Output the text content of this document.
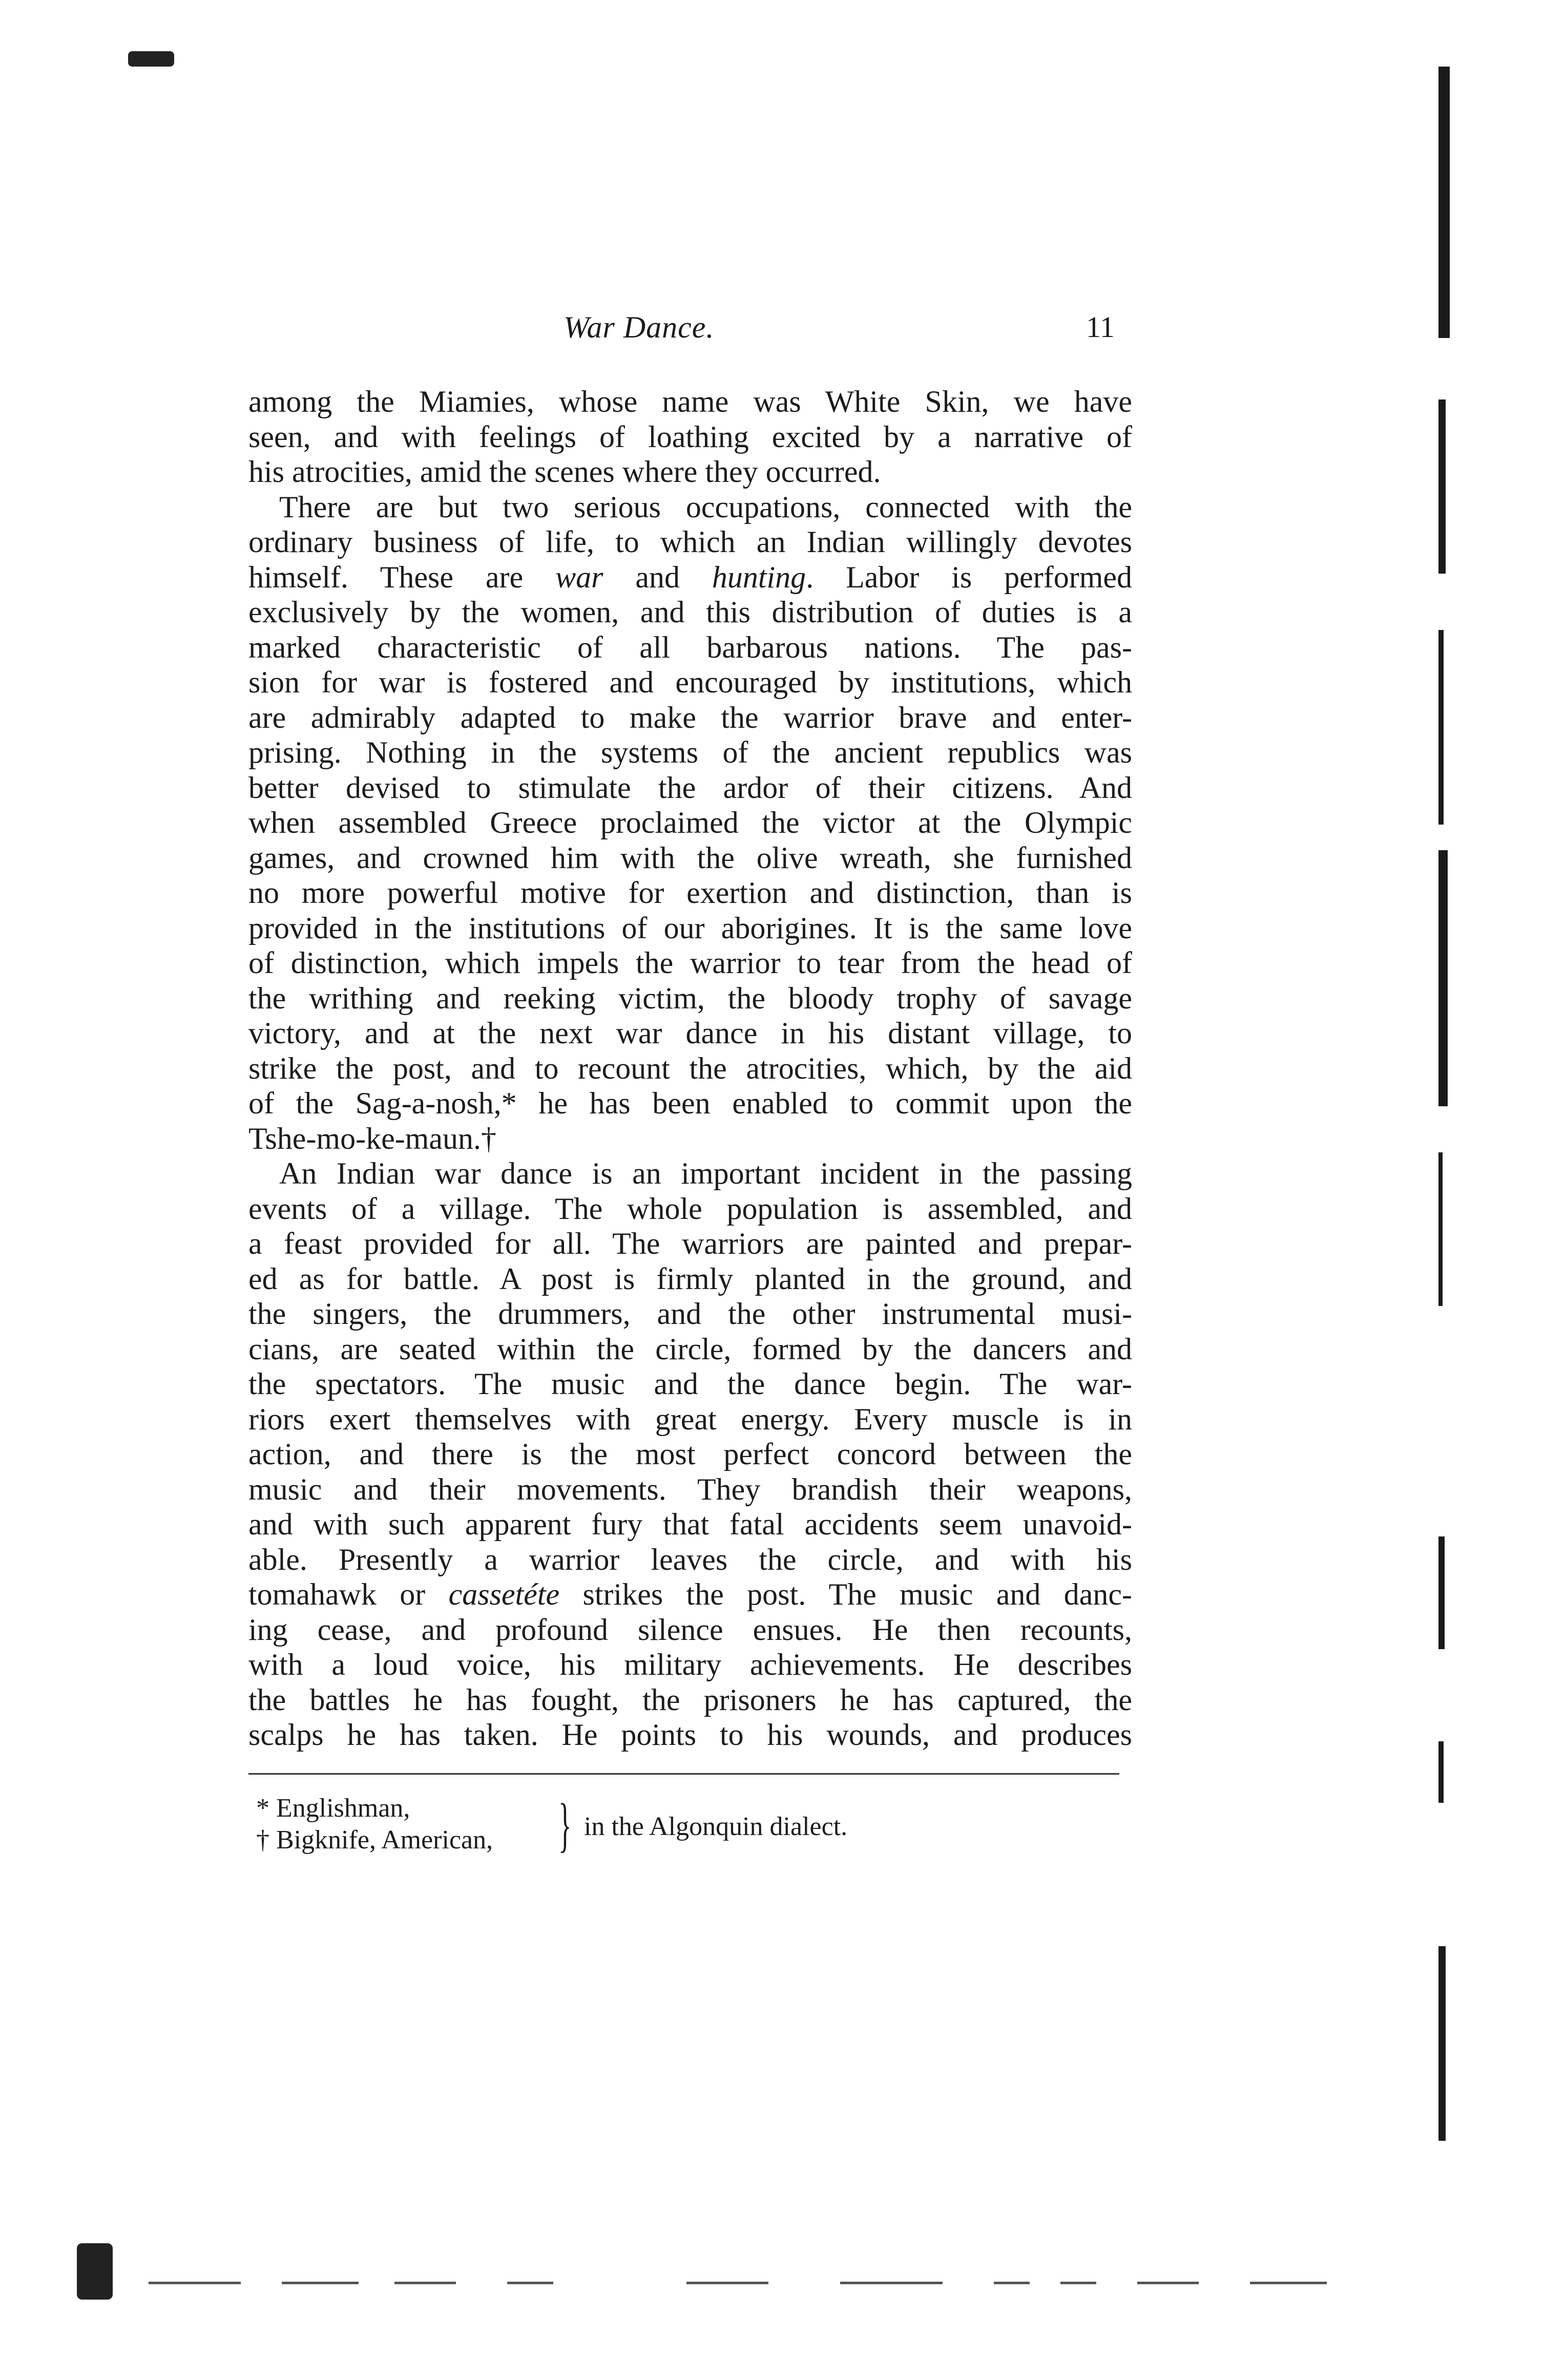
War Dance.	11
among the Miamies, whose name was White Skin, we have
seen, and with feelings of loathing excited by a narrative of
his atrocities, amid the scenes where they occurred.
There are but two serious occupations, connected with the
ordinary business of life, to which an Indian willingly devotes
himself. These are war and hunting. Labor is performed
exclusively by the women, and this distribution of duties is a
marked characteristic of all barbarous nations. The pas-
sion for war is fostered and encouraged by institutions, which
are admirably adapted to make the warrior brave and enter-
prising. Nothing in the systems of the ancient republics was
better devised to stimulate the ardor of their citizens. And
when assembled Greece proclaimed the victor at the Olympic
games, and crowned him with the olive wreath, she furnished
no more powerful motive for exertion and distinction, than is
provided in the institutions of our aborigines. It is the same love
of distinction, which impels the warrior to tear from the head of
the writhing and reeking victim, the bloody trophy of savage
victory, and at the next war dance in his distant village, to
strike the post, and to recount the atrocities, which, by the aid
of the Sag-a-nosh,* he has been enabled to commit upon the
Tshe-mo-ke-maun.†
An Indian war dance is an important incident in the passing
events of a village. The whole population is assembled, and
a feast provided for all. The warriors are painted and prepar-
ed as for battle. A post is firmly planted in the ground, and
the singers, the drummers, and the other instrumental musi-
cians, are seated within the circle, formed by the dancers and
the spectators. The music and the dance begin. The war-
riors exert themselves with great energy. Every muscle is in
action, and there is the most perfect concord between the
music and their movements. They brandish their weapons,
and with such apparent fury that fatal accidents seem unavoid-
able. Presently a warrior leaves the circle, and with his
tomahawk or cassetéte strikes the post. The music and danc-
ing cease, and profound silence ensues. He then recounts,
with a loud voice, his military achievements. He describes
the battles he has fought, the prisoners he has captured, the
scalps he has taken. He points to his wounds, and produces
* Englishman,
† Bigknife, American, } in the Algonquin dialect.
